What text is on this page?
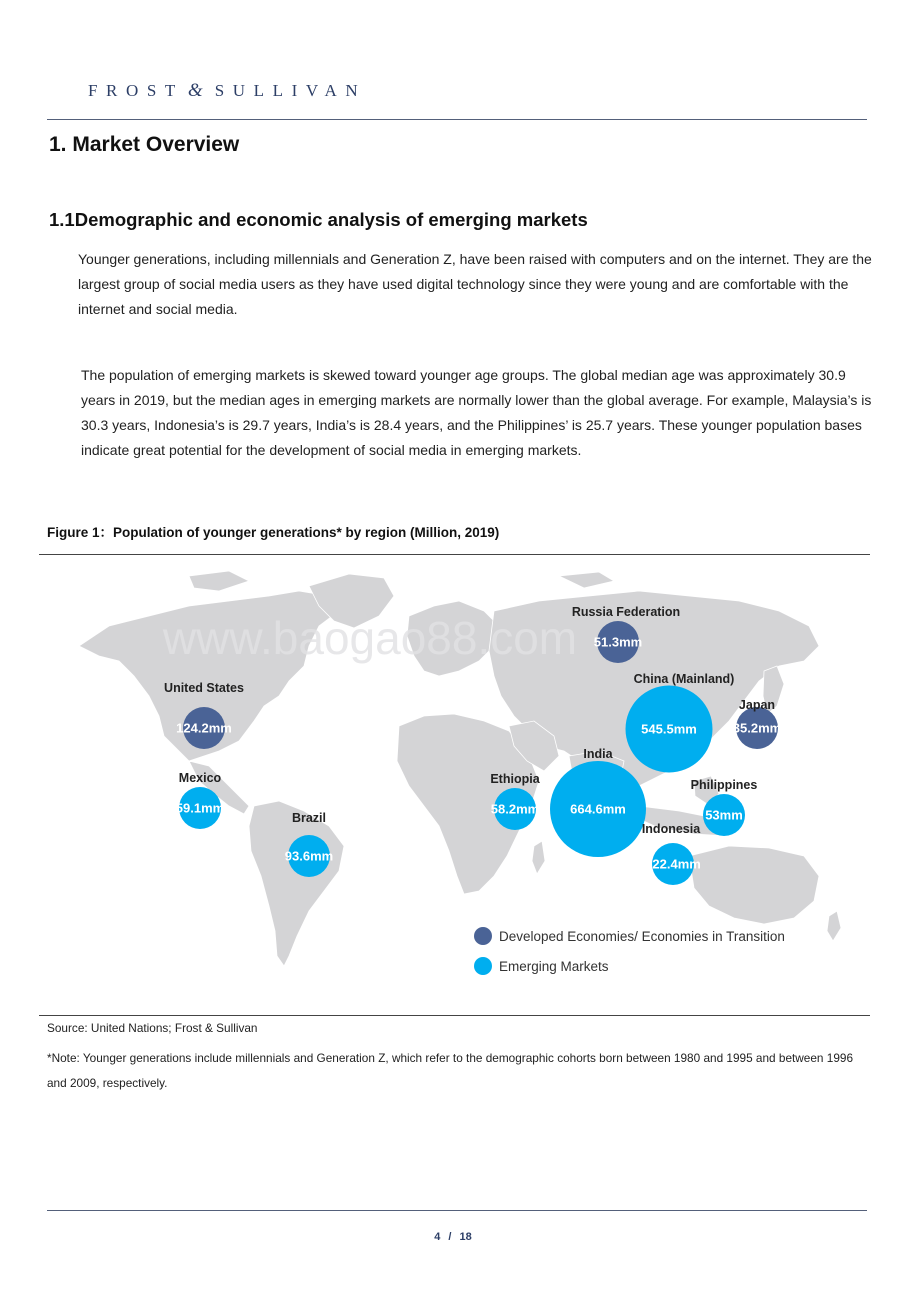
FROST & SULLIVAN
1. Market Overview
1.1Demographic and economic analysis of emerging markets
Younger generations, including millennials and Generation Z, have been raised with computers and on the internet. They are the largest group of social media users as they have used digital technology since they were young and are comfortable with the internet and social media.
The population of emerging markets is skewed toward younger age groups. The global median age was approximately 30.9 years in 2019, but the median ages in emerging markets are normally lower than the global average. For example, Malaysia’s is 30.3 years, Indonesia’s is 29.7 years, India’s is 28.4 years, and the Philippines’ is 25.7 years. These younger population bases indicate great potential for the development of social media in emerging markets.
Figure 1：Population of younger generations* by region (Million, 2019)
www.baogao88.com
124.2mm
United States
59.1mm
Mexico
93.6mm
Brazil
51.3mm
Russia Federation
545.5mm
China (Mainland)
35.2mm
Japan
664.6mm
India
58.2mm
Ethiopia
53mm
Philippines
122.4mm
Indonesia
Developed Economies/ Economies in Transition
Emerging Markets
Source: United Nations; Frost & Sullivan
*Note: Younger generations include millennials and Generation Z, which refer to the demographic cohorts born between 1980 and 1995 and between 1996 and 2009, respectively.
4 / 18
